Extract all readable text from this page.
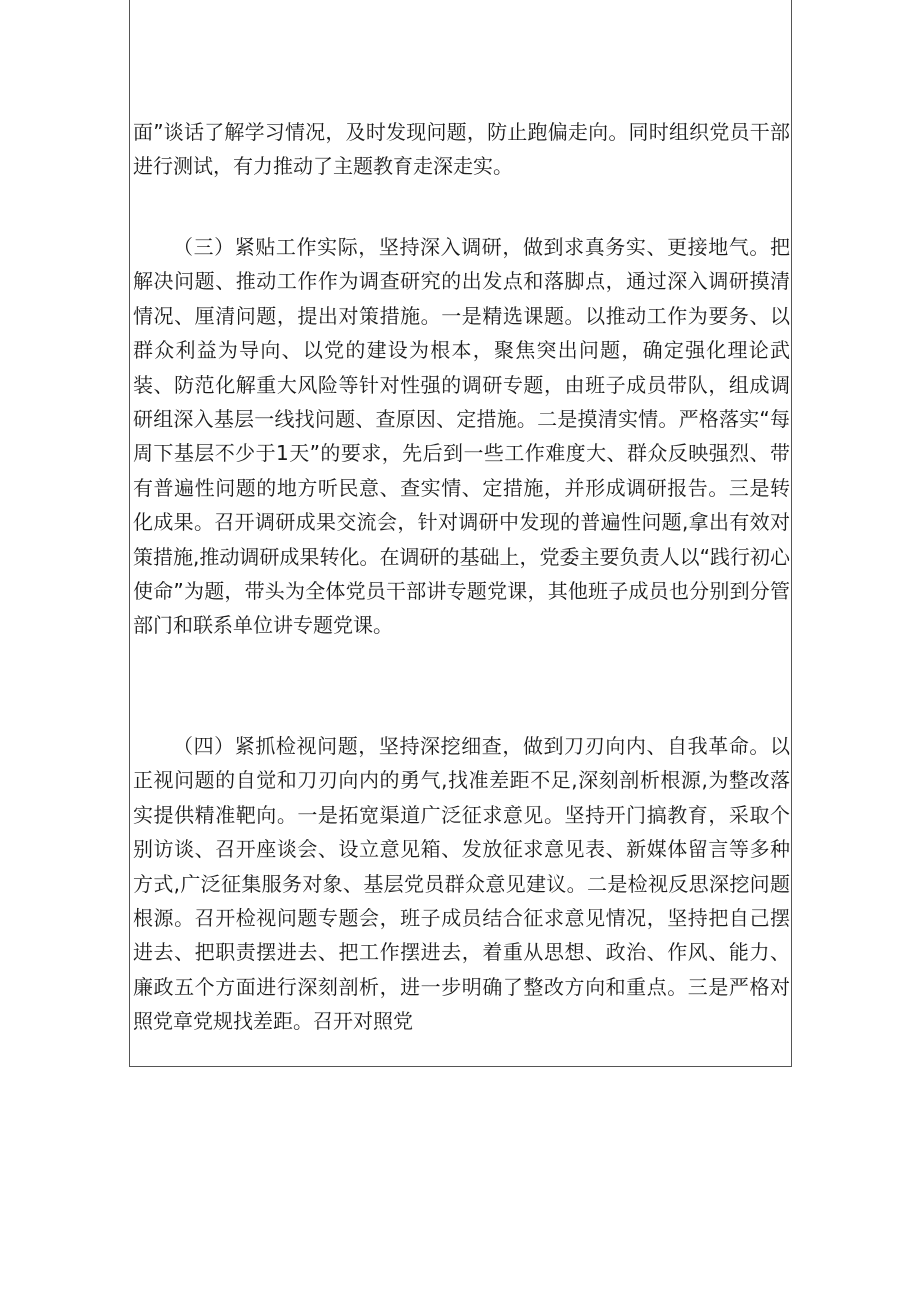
面”谈话了解学习情况，及时发现问题，防止跑偏走向。同时组织党员干部进行测试，有力推动了主题教育走深走实。

（三）紧贴工作实际，坚持深入调研，做到求真务实、更接地气。把解决问题、推动工作作为调查研究的出发点和落脚点，通过深入调研摸清情况、厘清问题，提出对策措施。一是精选课题。以推动工作为要务、以群众利益为导向、以党的建设为根本，聚焦突出问题，确定强化理论武装、防范化解重大风险等针对性强的调研专题，由班子成员带队，组成调研组深入基层一线找问题、查原因、定措施。二是摸清实情。严格落实“每周下基层不少于1天”的要求，先后到一些工作难度大、群众反映强烈、带有普遍性问题的地方听民意、查实情、定措施，并形成调研报告。三是转化成果。召开调研成果交流会，针对调研中发现的普遍性问题,拿出有效对策措施,推动调研成果转化。在调研的基础上，党委主要负责人以“践行初心使命”为题，带头为全体党员干部讲专题党课，其他班子成员也分别到分管部门和联系单位讲专题党课。

（四）紧抓检视问题，坚持深挖细查，做到刀刃向内、自我革命。以正视问题的自觉和刀刃向内的勇气,找准差距不足,深刻剖析根源,为整改落实提供精准靶向。一是拓宽渠道广泛征求意见。坚持开门搞教育，采取个别访谈、召开座谈会、设立意见箱、发放征求意见表、新媒体留言等多种方式,广泛征集服务对象、基层党员群众意见建议。二是检视反思深挖问题根源。召开检视问题专题会，班子成员结合征求意见情况，坚持把自己摆进去、把职责摆进去、把工作摆进去，着重从思想、政治、作风、能力、廉政五个方面进行深刻剖析，进一步明确了整改方向和重点。三是严格对照党章党规找差距。召开对照党
